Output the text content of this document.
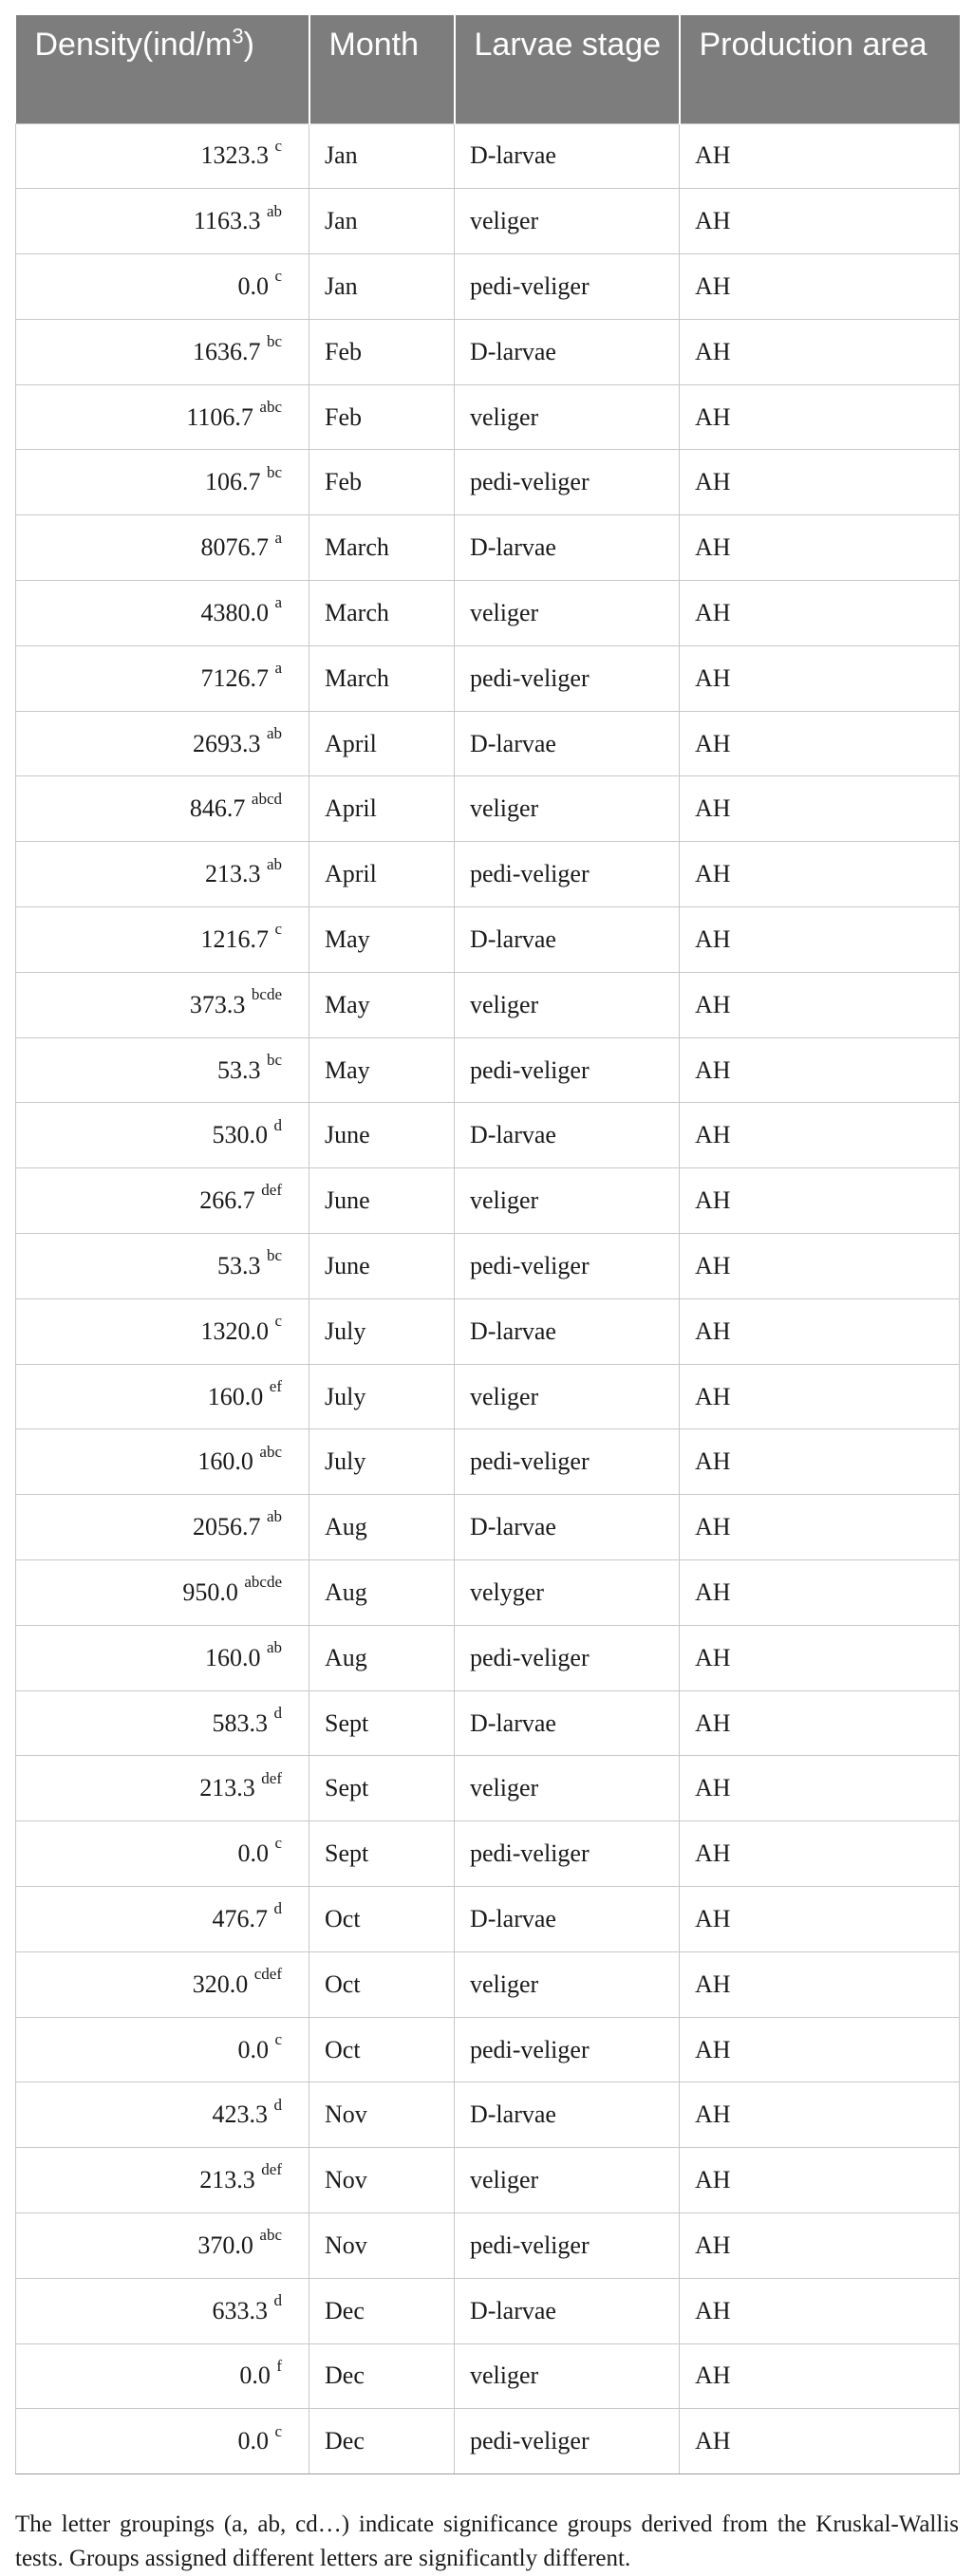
$Density(ind/m^3)$	Month	Larvae stage	Production area
1323.3 $^c$	Jan	D-larvae	AH
1163.3 $^{ab}$	Jan	veliger	AH
0.0 $^c$	Jan	pedi-veliger	AH
1636.7 $^{bc}$	Feb	D-larvae	AH
1106.7 $^{abc}$	Feb	veliger	AH
106.7 $^{bc}$	Feb	pedi-veliger	AH
8076.7 $^a$	March	D-larvae	AH
4380.0 $^a$	March	veliger	AH
7126.7 $^a$	March	pedi-veliger	AH
2693.3 $^{ab}$	April	D-larvae	AH
846.7 $^{abcd}$	April	veliger	AH
213.3 $^{ab}$	April	pedi-veliger	AH
1216.7 $^c$	May	D-larvae	AH
373.3 $^{bcde}$	May	veliger	AH
53.3 $^{bc}$	May	pedi-veliger	AH
530.0 $^d$	June	D-larvae	AH
266.7 $^{def}$	June	veliger	AH
53.3 $^{bc}$	June	pedi-veliger	AH
1320.0 $^c$	July	D-larvae	AH
160.0 $^{ef}$	July	veliger	AH
160.0 $^{abc}$	July	pedi-veliger	AH
2056.7 $^{ab}$	Aug	D-larvae	AH
950.0 $^{abcde}$	Aug	velyger	AH
160.0 $^{ab}$	Aug	pedi-veliger	AH
583.3 $^d$	Sept	D-larvae	AH
213.3 $^{def}$	Sept	veliger	AH
0.0 $^c$	Sept	pedi-veliger	AH
476.7 $^d$	Oct	D-larvae	AH
320.0 $^{cdef}$	Oct	veliger	AH
0.0 $^c$	Oct	pedi-veliger	AH
423.3 $^d$	Nov	D-larvae	AH
213.3 $^{def}$	Nov	veliger	AH
370.0 $^{abc}$	Nov	pedi-veliger	AH
633.3 $^d$	Dec	D-larvae	AH
0.0 $^f$	Dec	veliger	AH
0.0 $^c$	Dec	pedi-veliger	AH

The letter groupings (a, ab, cd…) indicate significance groups derived from the Kruskal-Wallis tests. Groups assigned different letters are significantly different.
